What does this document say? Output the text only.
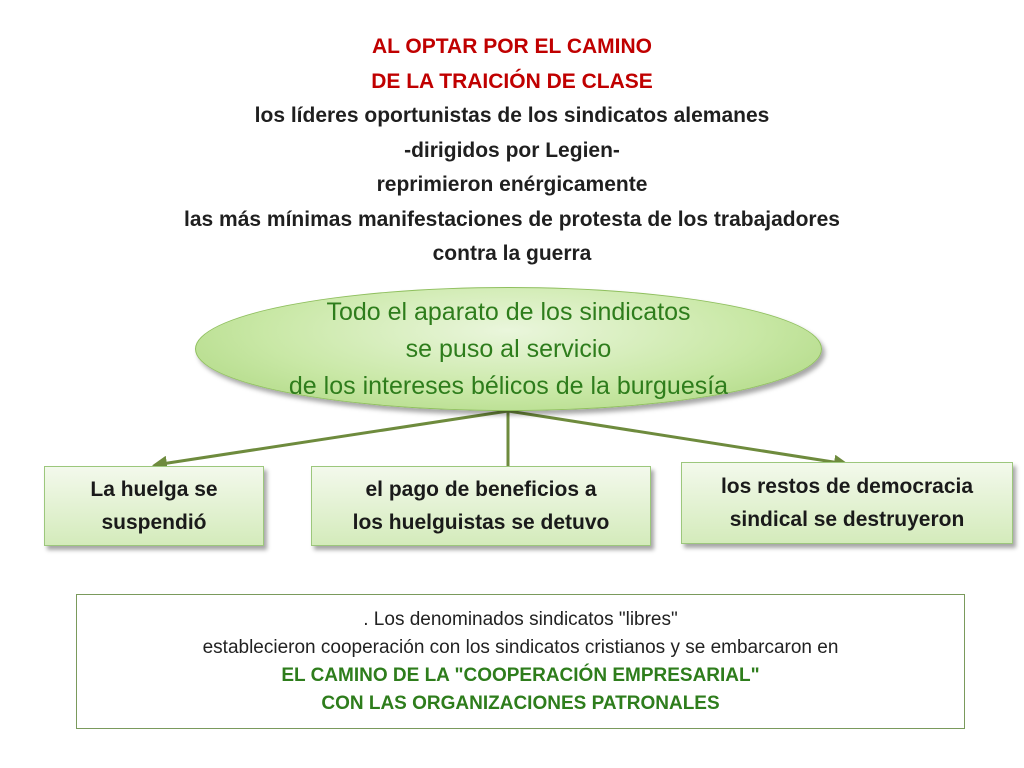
AL OPTAR POR EL CAMINO
DE LA TRAICIÓN DE CLASE
los líderes oportunistas de los sindicatos alemanes
-dirigidos por Legien-
reprimieron enérgicamente
las más mínimas manifestaciones de protesta de los trabajadores
contra la guerra
Todo el aparato de los sindicatos
se puso al servicio
de los intereses bélicos de la burguesía
La huelga se
suspendió
el pago de beneficios a
los huelguistas se detuvo
los restos de democracia
sindical se destruyeron
. Los denominados sindicatos "libres"
establecieron cooperación con los sindicatos cristianos y se embarcaron en
EL CAMINO DE LA "COOPERACIÓN EMPRESARIAL"
CON LAS ORGANIZACIONES PATRONALES
